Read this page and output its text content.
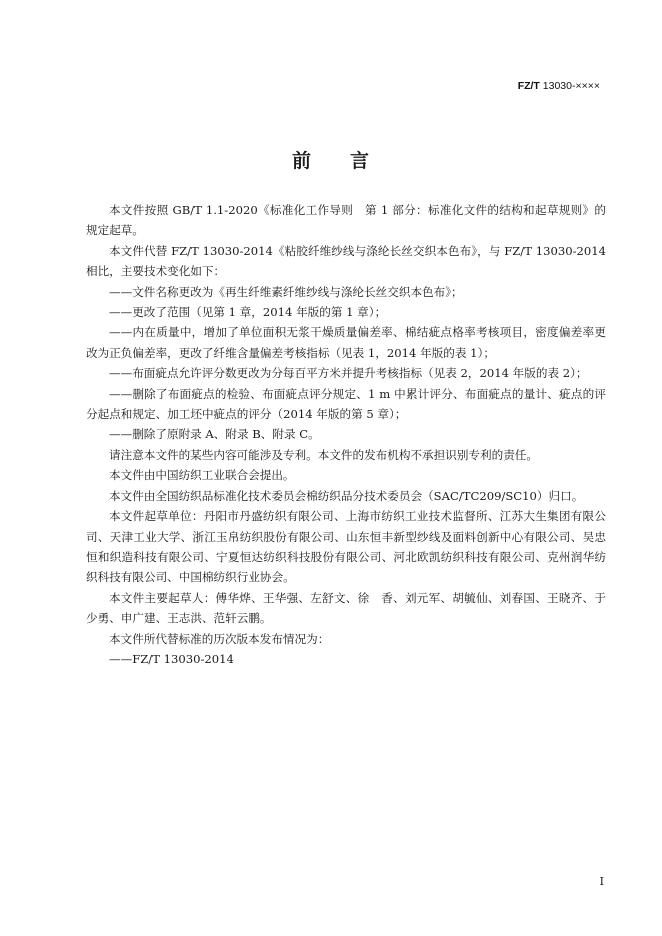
FZ/T 13030-××××
前 言

本文件按照 GB/T 1.1-2020《标准化工作导则　第 1 部分：标准化文件的结构和起草规则》的规定起草。

本文件代替 FZ/T 13030-2014《粘胶纤维纱线与涤纶长丝交织本色布》，与 FZ/T 13030-2014 相比，主要技术变化如下：

——文件名称更改为《再生纤维素纤维纱线与涤纶长丝交织本色布》；

——更改了范围（见第 1 章，2014 年版的第 1 章）；

——内在质量中，增加了单位面积无浆干燥质量偏差率、棉结疵点格率考核项目，密度偏差率更改为正负偏差率，更改了纤维含量偏差考核指标（见表 1，2014 年版的表 1）；

——布面疵点允许评分数更改为分每百平方米并提升考核指标（见表 2，2014 年版的表 2）；

——删除了布面疵点的检验、布面疵点评分规定、1 m 中累计评分、布面疵点的量计、疵点的评分起点和规定、加工坯中疵点的评分（2014 年版的第 5 章）；

——删除了原附录 A、附录 B、附录 C。

请注意本文件的某些内容可能涉及专利。本文件的发布机构不承担识别专利的责任。

本文件由中国纺织工业联合会提出。

本文件由全国纺织品标准化技术委员会棉纺织品分技术委员会（SAC/TC209/SC10）归口。

本文件起草单位：丹阳市丹盛纺织有限公司、上海市纺织工业技术监督所、江苏大生集团有限公司、天津工业大学、浙江玉帛纺织股份有限公司、山东恒丰新型纱线及面料创新中心有限公司、吴忠恒和织造科技有限公司、宁夏恒达纺织科技股份有限公司、河北欧凯纺织科技有限公司、克州润华纺织科技有限公司、中国棉纺织行业协会。

本文件主要起草人：傅华烨、王华强、左舒文、徐　香、刘元军、胡毓仙、刘春国、王晓齐、于少勇、申广建、王志洪、范轩云鹏。

本文件所代替标准的历次版本发布情况为：

——FZ/T 13030-2014

I
